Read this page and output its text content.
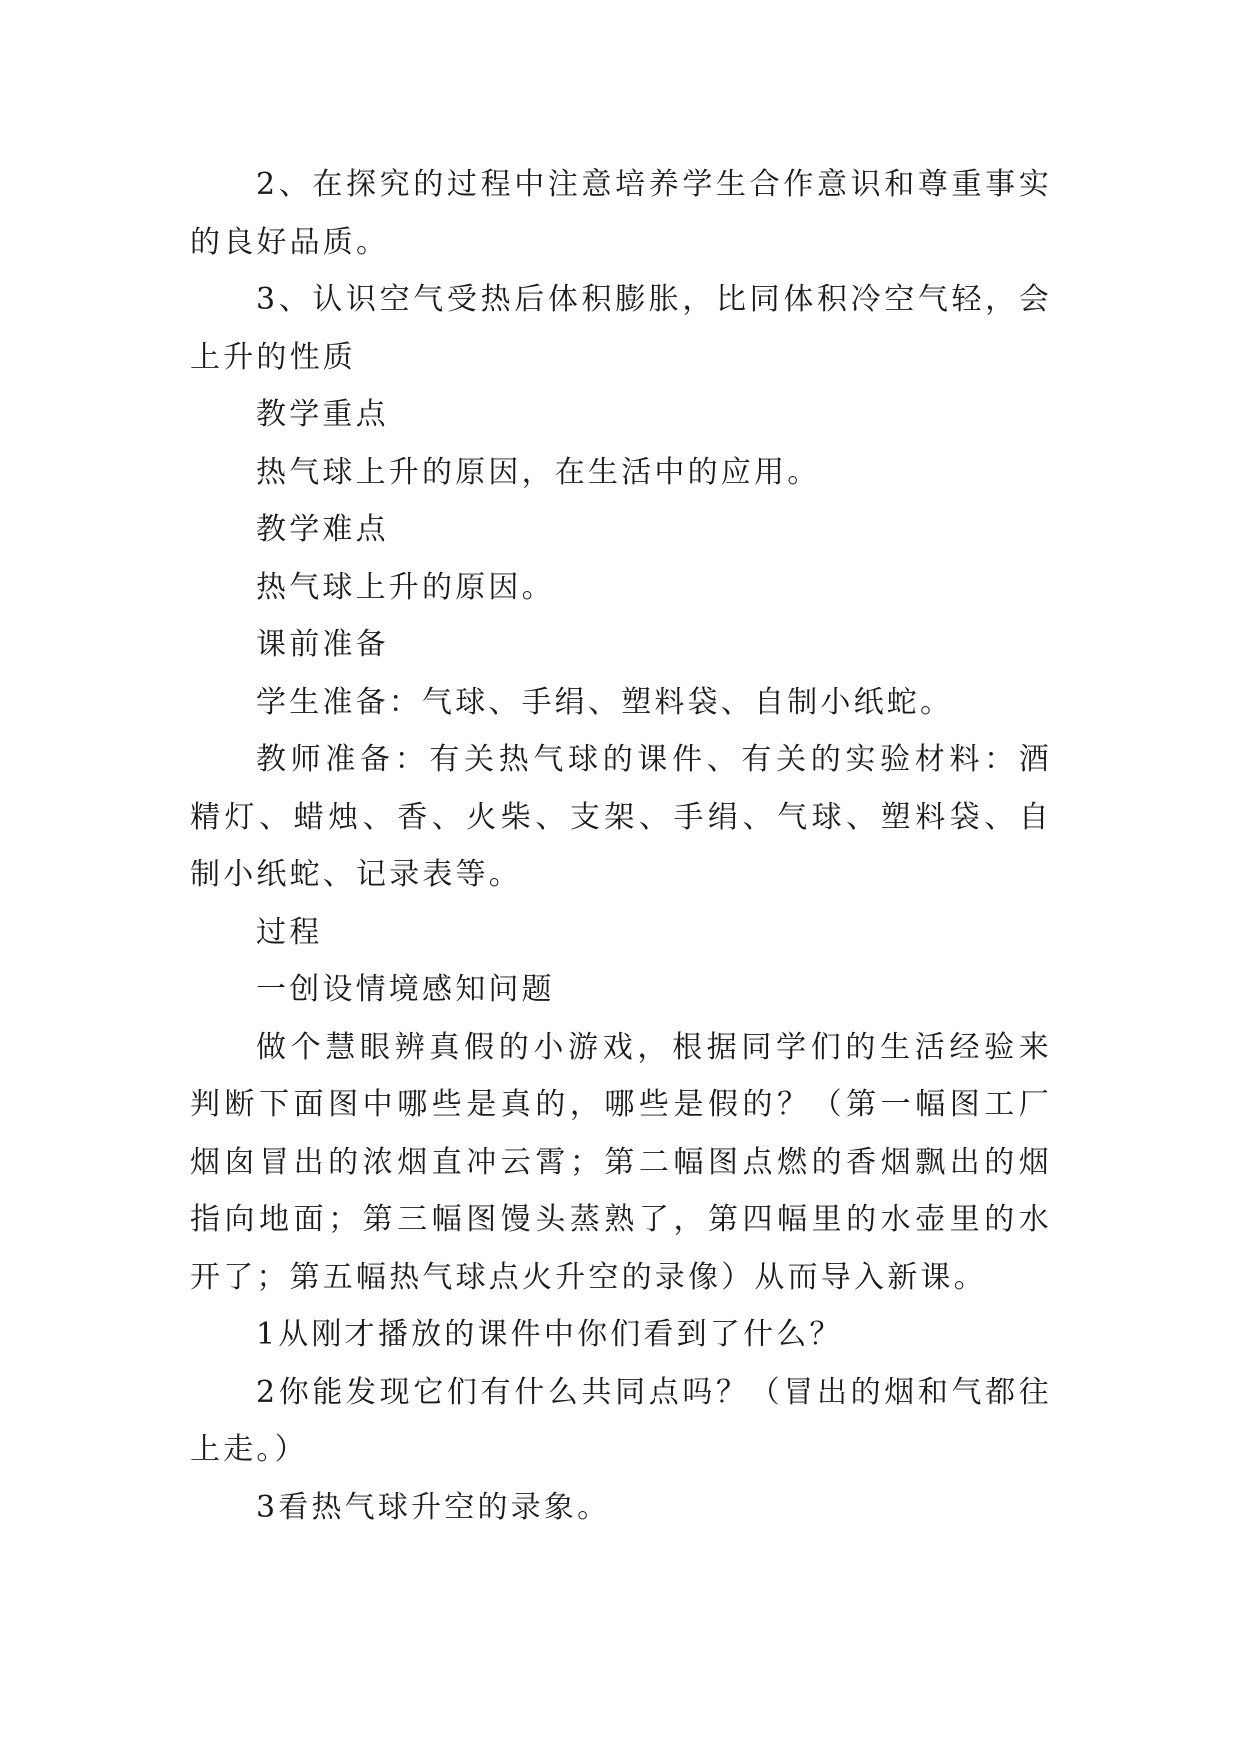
2、在探究的过程中注意培养学生合作意识和尊重事实的良好品质。

3、认识空气受热后体积膨胀，比同体积冷空气轻，会上升的性质

教学重点

热气球上升的原因，在生活中的应用。

教学难点

热气球上升的原因。

课前准备

学生准备：气球、手绢、塑料袋、自制小纸蛇。

教师准备：有关热气球的课件、有关的实验材料：酒精灯、蜡烛、香、火柴、支架、手绢、气球、塑料袋、自制小纸蛇、记录表等。

过程

一创设情境感知问题

做个慧眼辨真假的小游戏，根据同学们的生活经验来判断下面图中哪些是真的，哪些是假的？（第一幅图工厂烟囱冒出的浓烟直冲云霄；第二幅图点燃的香烟飘出的烟指向地面；第三幅图馒头蒸熟了，第四幅里的水壶里的水开了；第五幅热气球点火升空的录像）从而导入新课。

1从刚才播放的课件中你们看到了什么？

2你能发现它们有什么共同点吗？（冒出的烟和气都往上走。）

3看热气球升空的录象。
